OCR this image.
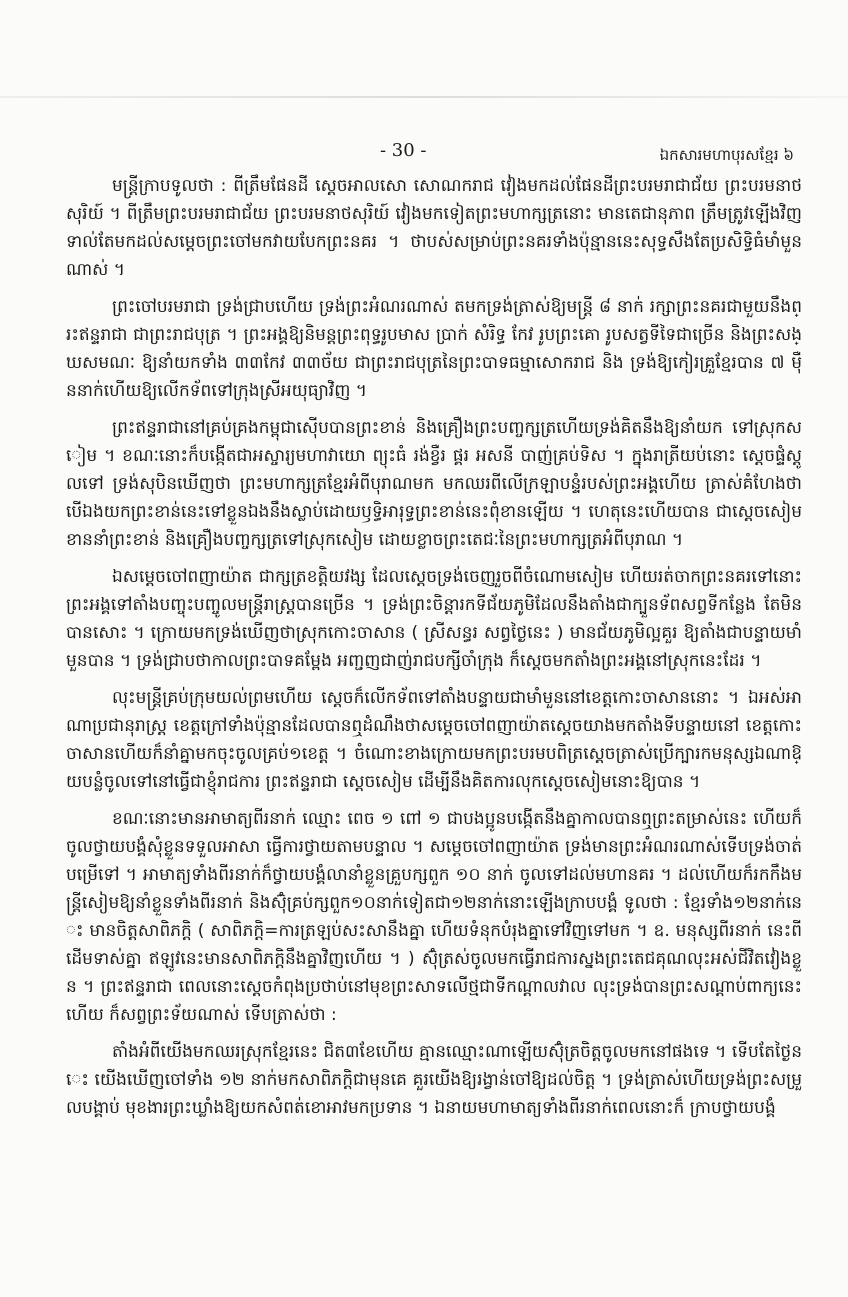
- 30 -	ឯកសារមហាបុរសខ្មែរ ៦

មន្ត្រីក្រាបទូលថា : ពីត្រឹមផែនដី ស្តេចអាលសោ សោណករាជ វៀងមកដល់ផែនដីព្រះបរមរាជាជ័យ ព្រះបរមនាថសុរិយ៍ ។ ពីត្រឹមព្រះបរមរាជាជ័យ ព្រះបរមនាថសុរិយ៍ វៀងមកទៀតព្រះមហាក្សត្រនោះ មានតេជានុភាព ត្រឹមត្រូវឡើងវិញ ទាល់តែមកដល់សម្តេចព្រះចៅមកវាយបែកព្រះនគរ ។ ថាបស់សម្រាប់ព្រះនគរទាំងប៉ុន្មាននេះសុទ្ធសឹងតែប្រសិទ្ធិធំមាំមួនណាស់ ។

ព្រះចៅបរមរាជា ទ្រង់ជ្រាបហើយ ទ្រង់ព្រះអំណរណាស់ តមកទ្រង់ត្រាស់ឱ្យមន្ត្រី ៨ នាក់ រក្សាព្រះនគរជាមួយនឹងព្រះឥន្ទរាជា ជាព្រះរាជបុត្រ ។ ព្រះអង្គឱ្យនិមន្តព្រះពុទ្ធរូបមាស ប្រាក់ សំរិទ្ធ កែវ រូបព្រះគោ រូបសត្វទីទៃជាច្រើន និងព្រះសង្ឃសមណៈ ឱ្យនាំយកទាំង ៣៣កែវ ៣៣ច័យ ជាព្រះរាជបុត្រនៃព្រះបាទធម្មាសោករាជ និង ទ្រង់ឱ្យកៀរគ្រួខ្មែរបាន ៧ ម៉ឺននាក់ហើយឱ្យលើកទ័ពទៅក្រុងស្រីអយុធ្យាវិញ ។

ព្រះឥន្ទរាជានៅគ្រប់គ្រងកម្ពុជាស៊ើបបានព្រះខាន់ និងគ្រឿងព្រះបញ្ចក្សត្រហើយទ្រង់គិតនឹងឱ្យនាំយក ទៅស្រុកសៀម ។ ខណៈនោះក៏បង្កើតជាអស្ចារ្យមហាវាយោ ព្យុះធំ រង់ខ្វឺរ ផ្គរ អសនី បាញ់គ្រប់ទិស ។ ក្នុងរាត្រីយប់នោះ ស្តេចផ្ទំស្តូលទៅ ទ្រង់សុបិនឃើញថា ព្រះមហាក្សត្រខ្មែរអំពីបុរាណមក មកឈរពីលើក្រឡាបន្ទំរបស់ព្រះអង្គហើយ ត្រាស់គំហែងថា បើឯងយកព្រះខាន់នេះទៅខ្លួនឯងនឹងស្លាប់ដោយឫទ្ធិអារុទ្ធព្រះខាន់នេះពុំខានឡើយ ។ ហេតុនេះហើយបាន ជាស្តេចសៀមខាននាំព្រះខាន់ និងគ្រឿងបញ្ចក្សត្រទៅស្រុកសៀម ដោយខ្លាចព្រះតេជៈនៃព្រះមហាក្សត្រអំពីបុរាណ ។

ឯសម្តេចចៅពញាយ៉ាត ជាក្សត្រខត្តិយវង្ស ដែលស្តេចទ្រង់ចេញរួចពីចំណោមសៀម ហើយរត់ចាកព្រះនគរទៅនោះ ព្រះអង្គទៅតាំងបញ្ចុះបញ្ចូលមន្ត្រីរាស្ត្របានច្រើន ។ ទ្រង់ព្រះចិន្តារកទីជ័យភូមិដែលនឹងតាំងជាក្បួនទ័ពសព្វទីកន្លែង តែមិនបានសោះ ។ ក្រោយមកទ្រង់ឃើញថាស្រុកកោះចាសាន ( ស្រីសន្ធរ សព្វថ្ងៃនេះ ) មានជ័យភូមិល្អគួរ ឱ្យតាំងជាបន្ទាយមាំមួនបាន ។ ទ្រង់ជ្រាបថាកាលព្រះបាទគម្ពែង អញ្ជញជាញ់រាជបក្សីចាំក្រុង ក៏ស្តេចមកតាំងព្រះអង្គនៅស្រុកនេះដែរ ។

លុះមន្ត្រីគ្រប់ក្រុមយល់ព្រមហើយ ស្តេចក៏លើកទ័ពទៅតាំងបន្ទាយជាមាំមួននៅខេត្តកោះចាសាននោះ ។ ឯអស់អាណាប្រជានុរាស្ត្រ ខេត្តក្រៅទាំងប៉ុន្មានដែលបានឮដំណឹងថាសម្តេចចៅពញាយ៉ាតស្តេចយាងមកតាំងទីបន្ទាយនៅ ខេត្តកោះចាសានហើយក៏នាំគ្នាមកចុះចូលគ្រប់១ខេត្ត ។ ចំណោះខាងក្រោយមកព្រះបរមបពិត្រស្តេចត្រាស់ប្រើក្បារកមនុស្សឯណាឱ្យបន្លំចូលទៅនៅធ្វើជាខ្ញុំរាជការ ព្រះឥន្ទរាជា ស្តេចសៀម ដើម្បីនឹងគិតការលុកស្តេចសៀមនោះឱ្យបាន ។

ខណៈនោះមានអាមាត្យពីរនាក់ ឈ្មោះ ពេច ១ ពៅ ១ ជាបងប្អូនបង្កើតនឹងគ្នាកាលបានឮព្រះតម្រាស់នេះ ហើយក៏ចូលថ្វាយបង្គំសុំខ្លួនទទួលអាសា ធ្វើការថ្វាយតាមបន្ទាល ។ សម្តេចចៅពញាយ៉ាត ទ្រង់មានព្រះអំណរណាស់ទើបទ្រង់ចាត់បម្រើទៅ ។ អាមាត្យទាំងពីរនាក់ក៏ថ្វាយបង្គំលានាំខ្លួនគ្រួបក្សពួក ១០ នាក់ ចូលទៅដល់មហានគរ ។ ដល់ហើយក៏រកកឹងមន្ត្រីសៀមឱ្យនាំខ្លួនទាំងពីរនាក់ និងស៊ុំគ្រប់ក្សពួក១០នាក់ទៀតជា១២នាក់នោះឡើងក្រាបបង្គំ ទូលថា : ខ្មែរទាំង១២នាក់នេះ មានចិត្តសាពិភក្តិ ( សាពិភក្តិ=ការត្រឡប់សះសានឹងគ្នា ហើយទំនុកបំរុងគ្នាទៅវិញទៅមក ។ ឧ. មនុស្សពីរនាក់ នេះពីដើមទាស់គ្នា ឥឡូវនេះមានសាពិភក្តិនឹងគ្នាវិញហើយ ។ ) ស៊ុំត្រស់ចូលមកធ្វើរាជការស្នងព្រះតេជគុណលុះអស់ជីវិតវៀងខ្លួន ។ ព្រះឥន្ទរាជា ពេលនោះស្តេចកំពុងប្រថាប់នៅមុខព្រះសាទលើថ្មជាទីកណ្តាលវាល លុះទ្រង់បានព្រះសណ្តាប់ពាក្យនេះហើយ ក៏សព្វព្រះទ័យណាស់ ទើបត្រាស់ថា :

តាំងអំពីយើងមកឈរស្រុកខ្មែរនេះ ជិត៣ខែហើយ គ្មានឈ្មោះណាឡើយស៊ុំត្រចិត្តចូលមកនៅផងទេ ។ ទើបតែថ្ងៃនេះ យើងឃើញចៅទាំង ១២ នាក់មកសាពិភក្តិជាមុនគេ គួរយើងឱ្យរង្វាន់ចៅឱ្យដល់ចិត្ត ។ ទ្រង់ត្រាស់ហើយទ្រង់ព្រះសម្រួលបង្គាប់ មុខងារព្រះឃ្លាំងឱ្យយកសំពត់ខោអាវមកប្រទាន ។ ឯនាយមហាមាត្យទាំងពីរនាក់ពេលនោះក៏ ក្រាបថ្វាយបង្គំ
